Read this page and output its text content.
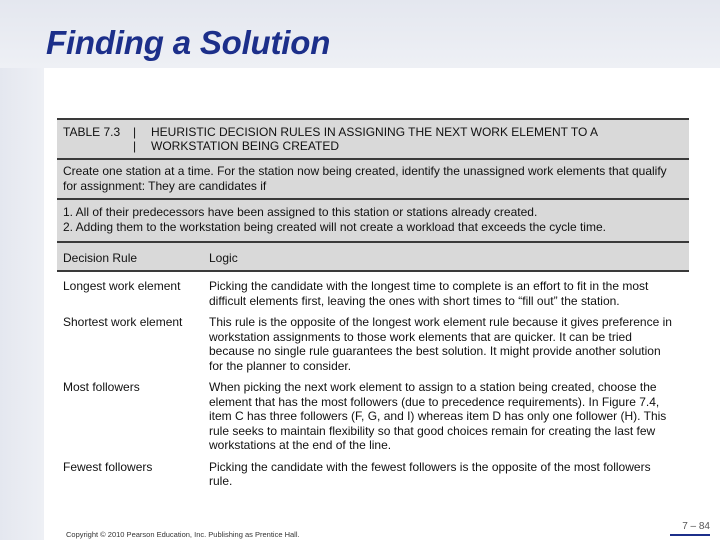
Finding a Solution
TABLE 7.3	|
|
HEURISTIC DECISION RULES IN ASSIGNING THE NEXT WORK ELEMENT TO A
WORKSTATION BEING CREATED
Create one station at a time. For the station now being created, identify the unassigned work elements that qualify for assignment: They are candidates if
1. All of their predecessors have been assigned to this station or stations already created.
2. Adding them to the workstation being created will not create a workload that exceeds the cycle time.
Decision Rule	Logic
Longest work element	Picking the candidate with the longest time to complete is an effort to fit in the most difficult elements first, leaving the ones with short times to “fill out” the station.
Shortest work element	This rule is the opposite of the longest work element rule because it gives preference in workstation assignments to those work elements that are quicker. It can be tried because no single rule guarantees the best solution. It might provide another solution for the planner to consider.
Most followers	When picking the next work element to assign to a station being created, choose the element that has the most followers (due to precedence requirements). In Figure 7.4, item C has three followers (F, G, and I) whereas item D has only one follower (H). This rule seeks to maintain flexibility so that good choices remain for creating the last few workstations at the end of the line.
Fewest followers	Picking the candidate with the fewest followers is the opposite of the most followers rule.
Copyright © 2010 Pearson Education, Inc. Publishing as Prentice Hall.
7 – 84
